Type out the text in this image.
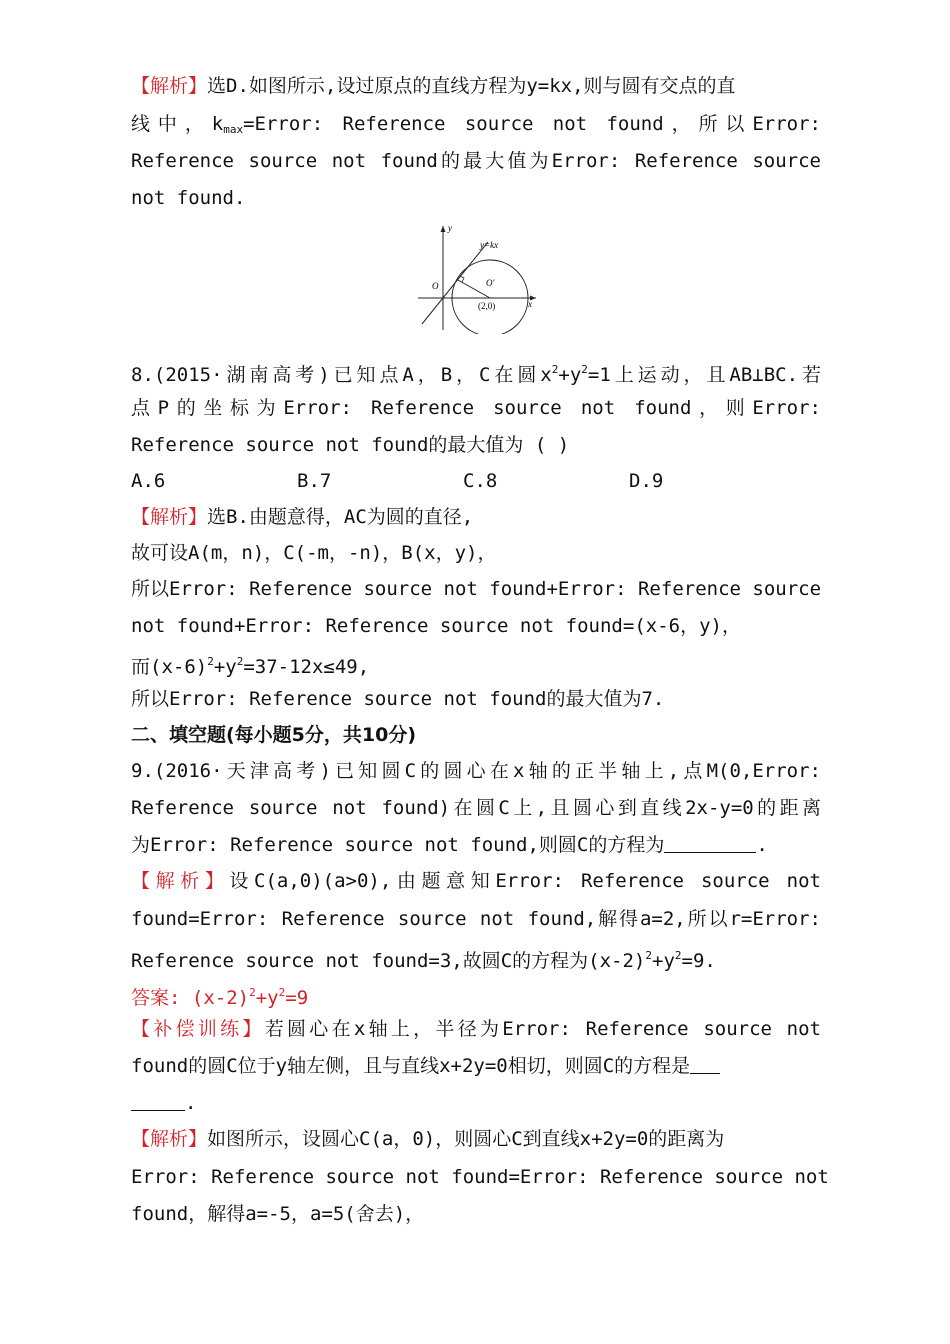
【解析】选D.如图所示,设过原点的直线方程为y=kx,则与圆有交点的直
线中，$k_{max}=Error$: Reference source not found，所以Error:
Reference source not found的最大值为Error: Reference source
not found.
y
y=kx
O	O′
(2,0)	x
8.(2015·湖南高考)已知点A，B，C在圆$x^2+y^2=1$上运动，且AB⊥BC.若
点P的坐标为Error: Reference source not found，则Error:
Reference source not found的最大值为 ( )
A.6	B.7	C.8	D.9
【解析】选B.由题意得，AC为圆的直径,
故可设A(m，n)，C(-m，-n)，B(x，y)，
所以Error: Reference source not found+Error: Reference source
not found+Error: Reference source not found=(x-6，y)，
而$(x-6)^2+y^2=37-12x\le 49$,
所以Error: Reference source not found的最大值为7.
二、填空题(每小题5分，共10分)
9.(2016·天津高考)已知圆C的圆心在x轴的正半轴上,点M(0,Error:
Reference source not found)在圆C上,且圆心到直线2x-y=0的距离
为Error: Reference source not found,则圆C的方程为	.
【解析】设C(a,0)(a>0),由题意知Error: Reference source not
found=Error: Reference source not found,解得a=2,所以r=Error:
Reference source not found=3,故圆C的方程为$(x-2)^2+y^2=9$.
答案: $(x-2)^2+y^2=9$
【补偿训练】若圆心在x轴上，半径为Error: Reference source not
found的圆C位于y轴左侧，且与直线x+2y=0相切，则圆C的方程是
.
【解析】如图所示，设圆心C(a，0)，则圆心C到直线x+2y=0的距离为
Error: Reference source not found=Error: Reference source not
found，解得a=-5，a=5(舍去)，
